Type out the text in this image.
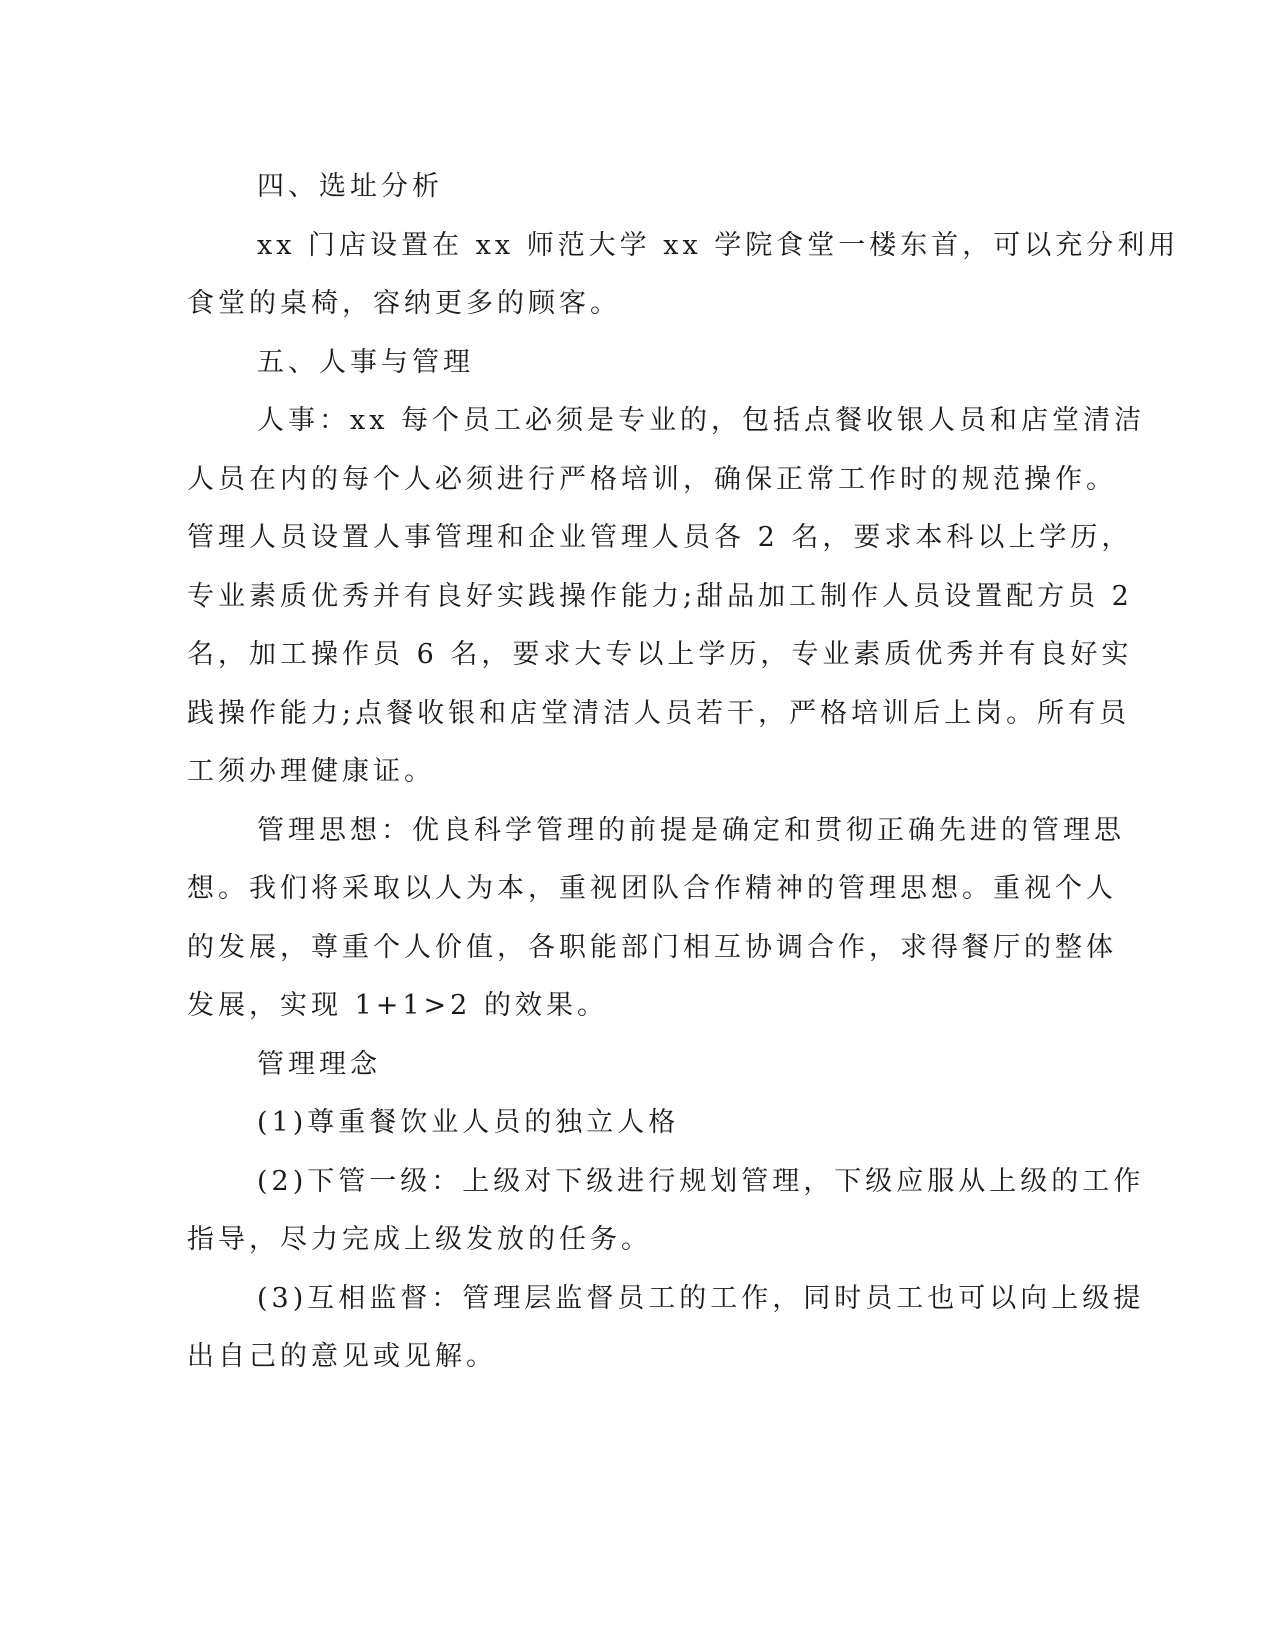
四、选址分析
xx 门店设置在 xx 师范大学 xx 学院食堂一楼东首，可以充分利用
食堂的桌椅，容纳更多的顾客。
五、人事与管理
人事：xx 每个员工必须是专业的，包括点餐收银人员和店堂清洁
人员在内的每个人必须进行严格培训，确保正常工作时的规范操作。
管理人员设置人事管理和企业管理人员各 2 名，要求本科以上学历，
专业素质优秀并有良好实践操作能力;甜品加工制作人员设置配方员 2
名，加工操作员 6 名，要求大专以上学历，专业素质优秀并有良好实
践操作能力;点餐收银和店堂清洁人员若干，严格培训后上岗。所有员
工须办理健康证。
管理思想：优良科学管理的前提是确定和贯彻正确先进的管理思
想。我们将采取以人为本，重视团队合作精神的管理思想。重视个人
的发展，尊重个人价值，各职能部门相互协调合作，求得餐厅的整体
发展，实现 1+1>2 的效果。
管理理念
(1)尊重餐饮业人员的独立人格
(2)下管一级：上级对下级进行规划管理，下级应服从上级的工作
指导，尽力完成上级发放的任务。
(3)互相监督：管理层监督员工的工作，同时员工也可以向上级提
出自己的意见或见解。
